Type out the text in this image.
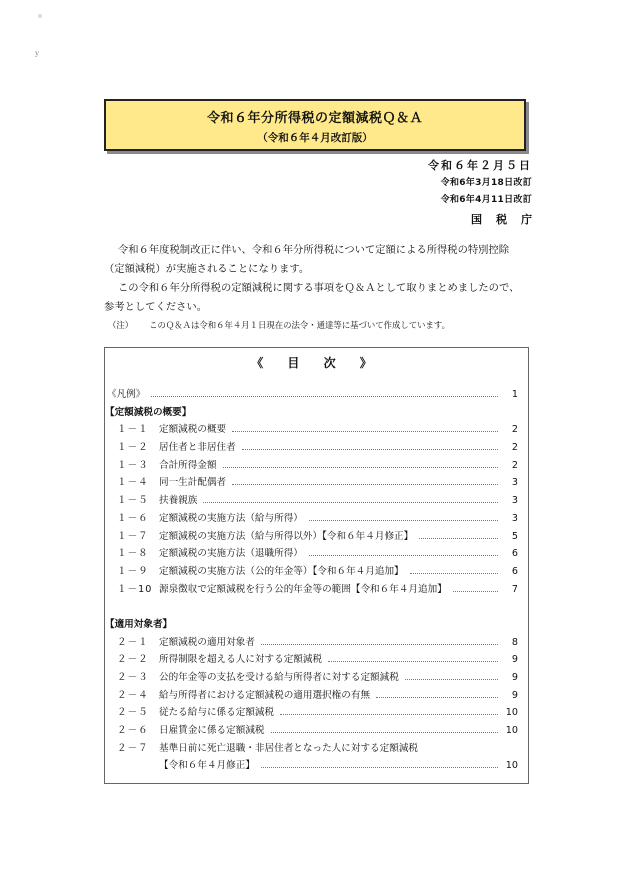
ｙ
令和６年分所得税の定額減税Ｑ＆Ａ
（令和６年４月改訂版）
令和６年２月５日
令和6年3月18日改訂
令和6年4月11日改訂
国税庁

令和６年度税制改正に伴い、令和６年分所得税について定額による所得税の特別控除

（定額減税）が実施されることになります。

この令和６年分所得税の定額減税に関する事項をＱ＆Ａとして取りまとめましたので、

参考としてください。

（注） このＱ＆Ａは令和６年４月１日現在の法令・通達等に基づいて作成しています。
《 目 次 》
《凡例》	1
【定額減税の概要】
１－１	定額減税の概要	2
１－２	居住者と非居住者	2
１－３	合計所得金額	2
１－４	同一生計配偶者	3
１－５	扶養親族	3
１－６	定額減税の実施方法（給与所得）	3
１－７	定額減税の実施方法（給与所得以外）【令和６年４月修正】	5
１－８	定額減税の実施方法（退職所得）	6
１－９	定額減税の実施方法（公的年金等）【令和６年４月追加】	6
１－10 源泉徴収で定額減税を行う公的年金等の範囲【令和６年４月追加】	7
【適用対象者】
２－１	定額減税の適用対象者	8
２－２	所得制限を超える人に対する定額減税	9
２－３	公的年金等の支払を受ける給与所得者に対する定額減税	9
２－４	給与所得者における定額減税の適用選択権の有無	9
２－５	従たる給与に係る定額減税	10
２－６	日雇賃金に係る定額減税	10
２－７	基準日前に死亡退職・非居住者となった人に対する定額減税
【令和６年４月修正】	10
